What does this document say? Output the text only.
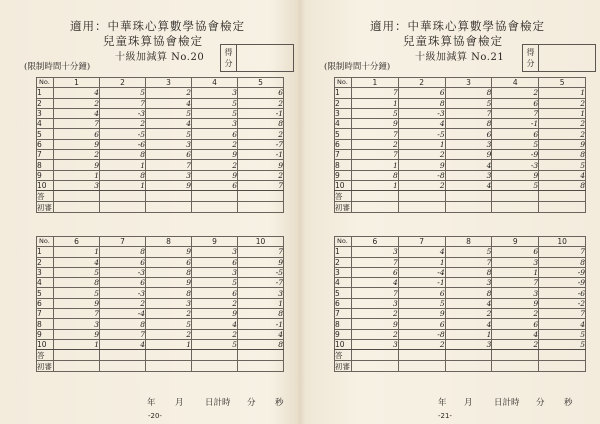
適用：中華珠心算數學協會檢定
兒童珠算協會檢定
十級加減算 No.20
(限制時間十分鐘)
得
分
No.	1	2	3	4	5
1	4	5	2	3	6
2	2	7	4	5	2
3	4	-3	5	5	-1
4	7	2	4	3	8
5	6	-5	5	6	2
6	9	-6	3	2	-7
7	2	8	6	9	-1
8	9	1	7	2	9
9	1	8	3	9	2
10	3	1	9	6	7
答					
初審					
No.	6	7	8	9	10
1	1	8	9	3	7
2	4	6	6	6	9
3	5	-3	8	3	-5
4	8	6	9	5	-7
5	5	-3	8	6	3
6	9	2	3	2	1
7	7	-4	2	9	8
8	3	8	5	4	-1
9	9	7	2	2	4
10	1	4	1	5	8
答					
初審					
年 月	日計時 分 秒
-20-
適用：中華珠心算數學協會檢定
兒童珠算協會檢定
十級加減算 No.21
(限制時間十分鐘)
得
分
No.	1	2	3	4	5
1	7	6	8	2	1
2	1	8	5	6	2
3	5	-3	7	7	1
4	9	4	8	-1	2
5	7	-5	6	6	2
6	2	1	3	5	9
7	7	2	9	-9	8
8	1	9	4	-3	5
9	8	-8	3	9	4
10	1	2	4	5	8
答					
初審					
No.	6	7	8	9	10
1	3	4	5	6	7
2	7	1	7	3	8
3	6	-4	8	1	-9
4	4	-1	3	7	-9
5	7	6	8	3	-6
6	3	5	4	9	-2
7	2	9	2	2	7
8	9	6	4	6	4
9	2	-8	1	4	5
10	3	2	3	2	5
答					
初審					
年 月	日計時 分 秒
-21-
